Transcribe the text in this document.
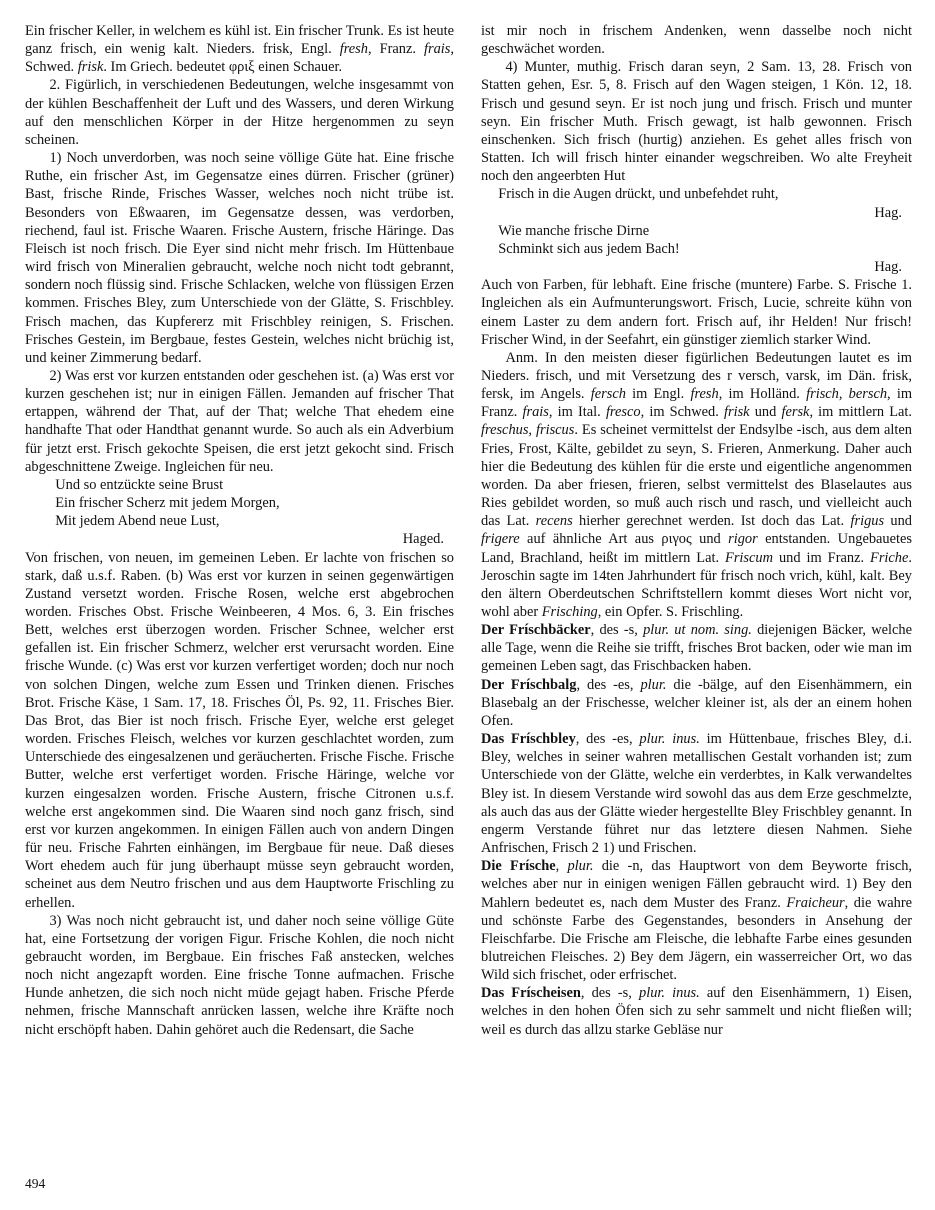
Ein frischer Keller, in welchem es kühl ist. Ein frischer Trunk. Es ist heute ganz frisch, ein wenig kalt. Nieders. frisk, Engl. fresh, Franz. frais, Schwed. frisk. Im Griech. bedeutet φριξ einen Schauer.

2. Figürlich, in verschiedenen Bedeutungen, welche insgesammt von der kühlen Beschaffenheit der Luft und des Wassers, und deren Wirkung auf den menschlichen Körper in der Hitze hergenommen zu seyn scheinen.

1) Noch unverdorben, was noch seine völlige Güte hat. Eine frische Ruthe, ein frischer Ast, im Gegensatze eines dürren. Frischer (grüner) Bast, frische Rinde, Frisches Wasser, welches noch nicht trübe ist. Besonders von Eßwaaren, im Gegensatze dessen, was verdorben, riechend, faul ist. Frische Waaren. Frische Austern, frische Häringe. Das Fleisch ist noch frisch. Die Eyer sind nicht mehr frisch. Im Hüttenbaue wird frisch von Mineralien gebraucht, welche noch nicht todt gebrannt, sondern noch flüssig sind. Frische Schlacken, welche von flüssigen Erzen kommen. Frisches Bley, zum Unterschiede von der Glätte, S. Frischbley. Frisch machen, das Kupfererz mit Frischbley reinigen, S. Frischen. Frisches Gestein, im Bergbaue, festes Gestein, welches nicht brüchig ist, und keiner Zimmerung bedarf.

2) Was erst vor kurzen entstanden oder geschehen ist. (a) Was erst vor kurzen geschehen ist; nur in einigen Fällen. Jemanden auf frischer That ertappen, während der That, auf der That; welche That ehedem eine handhafte That oder Handthat genannt wurde. So auch als ein Adverbium für jetzt erst. Frisch gekochte Speisen, die erst jetzt gekocht sind. Frisch abgeschnittene Zweige. Ingleichen für neu.

Und so entzückte seine Brust

Ein frischer Scherz mit jedem Morgen,

Mit jedem Abend neue Lust,

Haged.

Von frischen, von neuen, im gemeinen Leben. Er lachte von frischen so stark, daß u.s.f. Raben. (b) Was erst vor kurzen in seinen gegenwärtigen Zustand versetzt worden. Frische Rosen, welche erst abgebrochen worden. Frisches Obst. Frische Weinbeeren, 4 Mos. 6, 3. Ein frisches Bett, welches erst überzogen worden. Frischer Schnee, welcher erst gefallen ist. Ein frischer Schmerz, welcher erst verursacht worden. Eine frische Wunde. (c) Was erst vor kurzen verfertiget worden; doch nur noch von solchen Dingen, welche zum Essen und Trinken dienen. Frisches Brot. Frische Käse, 1 Sam. 17, 18. Frisches Öl, Ps. 92, 11. Frisches Bier. Das Brot, das Bier ist noch frisch. Frische Eyer, welche erst geleget worden. Frisches Fleisch, welches vor kurzen geschlachtet worden, zum Unterschiede des eingesalzenen und geräucherten. Frische Fische. Frische Butter, welche erst verfertiget worden. Frische Häringe, welche vor kurzen eingesalzen worden. Frische Austern, frische Citronen u.s.f. welche erst angekommen sind. Die Waaren sind noch ganz frisch, sind erst vor kurzen angekommen. In einigen Fällen auch von andern Dingen für neu. Frische Fahrten einhängen, im Bergbaue für neue. Daß dieses Wort ehedem auch für jung überhaupt müsse seyn gebraucht worden, scheinet aus dem Neutro frischen und aus dem Hauptworte Frischling zu erhellen.

3) Was noch nicht gebraucht ist, und daher noch seine völlige Güte hat, eine Fortsetzung der vorigen Figur. Frische Kohlen, die noch nicht gebraucht worden, im Bergbaue. Ein frisches Faß anstecken, welches noch nicht angezapft worden. Eine frische Tonne aufmachen. Frische Hunde anhetzen, die sich noch nicht müde gejagt haben. Frische Pferde nehmen, frische Mannschaft anrücken lassen, welche ihre Kräfte noch nicht erschöpft haben. Dahin gehöret auch die Redensart, die Sache

ist mir noch in frischem Andenken, wenn dasselbe noch nicht geschwächet worden.

4) Munter, muthig. Frisch daran seyn, 2 Sam. 13, 28. Frisch von Statten gehen, Esr. 5, 8. Frisch auf den Wagen steigen, 1 Kön. 12, 18. Frisch und gesund seyn. Er ist noch jung und frisch. Frisch und munter seyn. Ein frischer Muth. Frisch gewagt, ist halb gewonnen. Frisch einschenken. Sich frisch (hurtig) anziehen. Es gehet alles frisch von Statten. Ich will frisch hinter einander wegschreiben. Wo alte Freyheit noch den angeerbten Hut

Frisch in die Augen drückt, und unbefehdet ruht,

Hag.

Wie manche frische Dirne

Schminkt sich aus jedem Bach!

Hag.

Auch von Farben, für lebhaft. Eine frische (muntere) Farbe. S. Frische 1. Ingleichen als ein Aufmunterungswort. Frisch, Lucie, schreite kühn von einem Laster zu dem andern fort. Frisch auf, ihr Helden! Nur frisch! Frischer Wind, in der Seefahrt, ein günstiger ziemlich starker Wind.

Anm. In den meisten dieser figürlichen Bedeutungen lautet es im Nieders. frisch, und mit Versetzung des r versch, varsk, im Dän. frisk, fersk, im Angels. fersch im Engl. fresh, im Holländ. frisch, bersch, im Franz. frais, im Ital. fresco, im Schwed. frisk und fersk, im mittlern Lat. freschus, friscus. Es scheinet vermittelst der Endsylbe -isch, aus dem alten Fries, Frost, Kälte, gebildet zu seyn, S. Frieren, Anmerkung. Daher auch hier die Bedeutung des kühlen für die erste und eigentliche angenommen worden. Da aber friesen, frieren, selbst vermittelst des Blaselautes aus Ries gebildet worden, so muß auch risch und rasch, und vielleicht auch das Lat. recens hierher gerechnet werden. Ist doch das Lat. frigus und frigere auf ähnliche Art aus ριγος und rigor entstanden. Ungebauetes Land, Brachland, heißt im mittlern Lat. Friscum und im Franz. Friche. Jeroschin sagte im 14ten Jahrhundert für frisch noch vrich, kühl, kalt. Bey den ältern Oberdeutschen Schriftstellern kommt dieses Wort nicht vor, wohl aber Frisching, ein Opfer. S. Frischling.

Der Fríschbäcker, des -s, plur. ut nom. sing. diejenigen Bäcker, welche alle Tage, wenn die Reihe sie trifft, frisches Brot backen, oder wie man im gemeinen Leben sagt, das Frischbacken haben.

Der Fríschbalg, des -es, plur. die -bälge, auf den Eisenhämmern, ein Blasebalg an der Frischesse, welcher kleiner ist, als der an einem hohen Ofen.

Das Fríschbley, des -es, plur. inus. im Hüttenbaue, frisches Bley, d.i. Bley, welches in seiner wahren metallischen Gestalt vorhanden ist; zum Unterschiede von der Glätte, welche ein verderbtes, in Kalk verwandeltes Bley ist. In diesem Verstande wird sowohl das aus dem Erze geschmelzte, als auch das aus der Glätte wieder hergestellte Bley Frischbley genannt. In engerm Verstande führet nur das letztere diesen Nahmen. Siehe Anfrischen, Frisch 2 1) und Frischen.

Die Frísche, plur. die -n, das Hauptwort von dem Beyworte frisch, welches aber nur in einigen wenigen Fällen gebraucht wird. 1) Bey den Mahlern bedeutet es, nach dem Muster des Franz. Fraicheur, die wahre und schönste Farbe des Gegenstandes, besonders in Ansehung der Fleischfarbe. Die Frische am Fleische, die lebhafte Farbe eines gesunden blutreichen Fleisches. 2) Bey dem Jägern, ein wasserreicher Ort, wo das Wild sich frischet, oder erfrischet.

Das Fríscheisen, des -s, plur. inus. auf den Eisenhämmern, 1) Eisen, welches in den hohen Öfen sich zu sehr sammelt und nicht fließen will; weil es durch das allzu starke Gebläse nur

494
